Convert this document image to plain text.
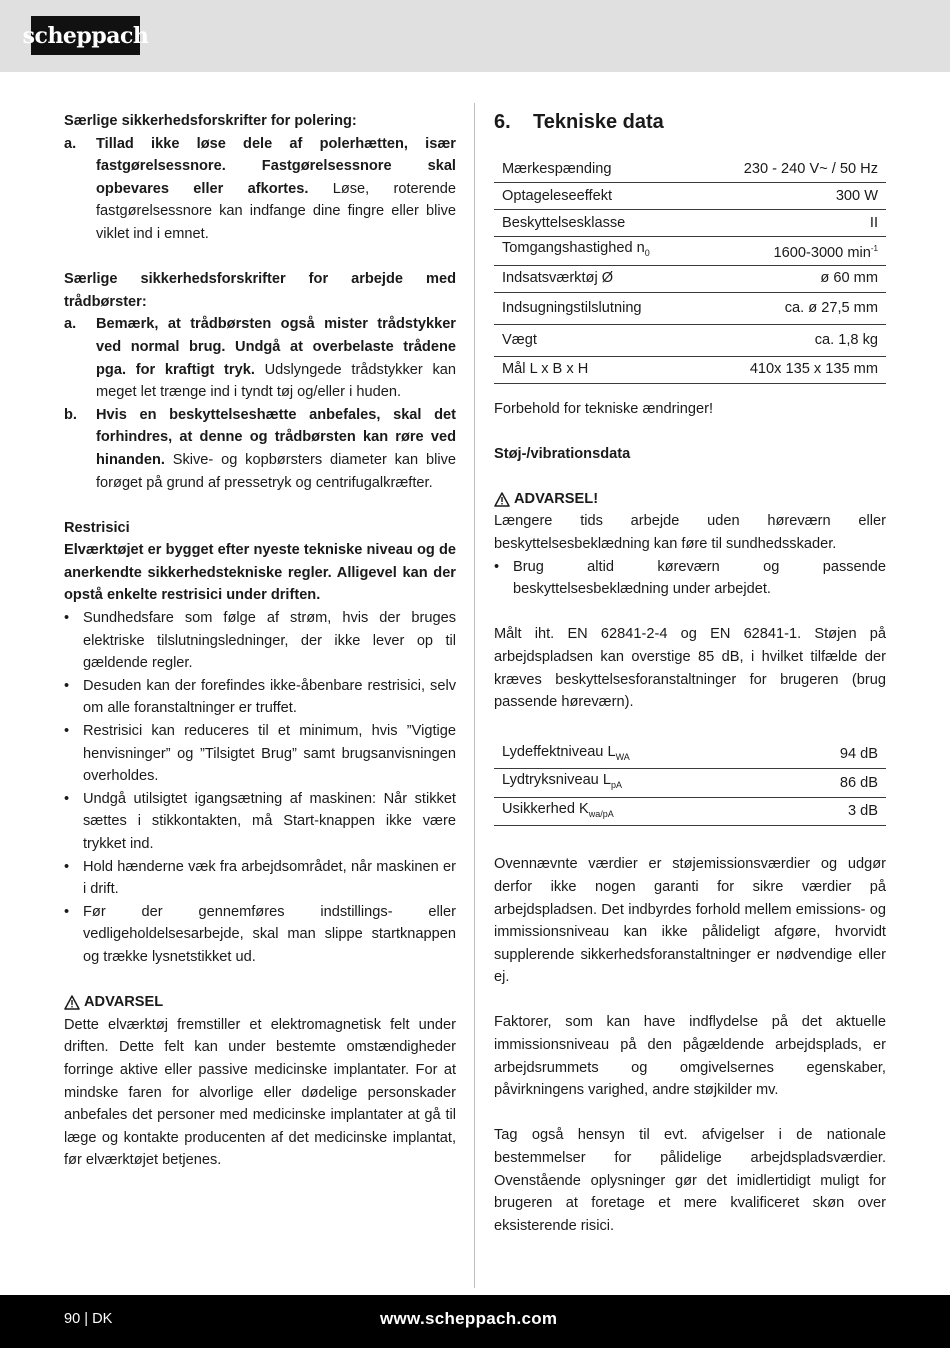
scheppach

Særlige sikkerhedsforskrifter for polering:

a.	Tillad ikke løse dele af polerhætten, især fastgørelsessnore. Fastgørelsessnore skal opbevares eller afkortes. Løse, roterende fastgørelsessnore kan indfange dine fingre eller blive viklet ind i emnet.

Særlige sikkerhedsforskrifter for arbejde med trådbørster:

a.	Bemærk, at trådbørsten også mister trådstykker ved normal brug. Undgå at overbelaste trådene pga. for kraftigt tryk. Udslyngede trådstykker kan meget let trænge ind i tyndt tøj og/eller i huden.
b.	Hvis en beskyttelseshætte anbefales, skal det forhindres, at denne og trådbørsten kan røre ved hinanden. Skive- og kopbørsters diameter kan blive forøget på grund af pressetryk og centrifugalkræfter.

Restrisici

Elværktøjet er bygget efter nyeste tekniske niveau og de anerkendte sikkerhedstekniske regler. Alligevel kan der opstå enkelte restrisici under driften.

• Sundhedsfare som følge af strøm, hvis der bruges elektriske tilslutningsledninger, der ikke lever op til gældende regler.
• Desuden kan der forefindes ikke-åbenbare restrisici, selv om alle foranstaltninger er truffet.
• Restrisici kan reduceres til et minimum, hvis ”Vigtige henvisninger” og ”Tilsigtet Brug” samt brugsanvisningen overholdes.
• Undgå utilsigtet igangsætning af maskinen: Når stikket sættes i stikkontakten, må Start-knappen ikke være trykket ind.
• Hold hænderne væk fra arbejdsområdet, når maskinen er i drift.
• Før der gennemføres indstillings- eller vedligeholdelsesarbejde, skal man slippe startknappen og trække lysnetstikket ud.

ADVARSEL

Dette elværktøj fremstiller et elektromagnetisk felt under driften. Dette felt kan under bestemte omstændigheder forringe aktive eller passive medicinske implantater. For at mindske faren for alvorlige eller dødelige personskader anbefales det personer med medicinske implantater at gå til læge og kontakte producenten af det medicinske implantat, før elværktøjet betjenes.

6. Tekniske data
Mærkespænding	230 - 240 V~ / 50 Hz
Optageleseeffekt	300 W
Beskyttelsesklasse	II
Tomgangshastighed $n_0$	1600-3000 $\min^{-1}$
Indsatsværktøj Ø	ø 60 mm
Indsugningstilslutning	ca. ø 27,5 mm
Vægt	ca. 1,8 kg
Mål L x B x H	410x 135 x 135 mm

Forbehold for tekniske ændringer!

Støj-/vibrationsdata

ADVARSEL!

Længere tids arbejde uden høreværn eller beskyttelsesbeklædning kan føre til sundhedsskader.

• Brug altid køreværn og passende beskyttelsesbeklædning under arbejdet.

Målt iht. EN 62841-2-4 og EN 62841-1. Støjen på arbejdspladsen kan overstige 85 dB, i hvilket tilfælde der kræves beskyttelsesforanstaltninger for brugeren (brug passende høreværn).

Lydeffektniveau $L_{WA}$	94 dB
Lydtryksniveau $L_{pA}$	86 dB
Usikkerhed $K_{wa/pA}$	3 dB

Ovennævnte værdier er støjemissionsværdier og udgør derfor ikke nogen garanti for sikre værdier på arbejdspladsen. Det indbyrdes forhold mellem emissions- og immissionsniveau kan ikke pålideligt afgøre, hvorvidt supplerende sikkerhedsforanstaltninger er nødvendige eller ej.

Faktorer, som kan have indflydelse på det aktuelle immissionsniveau på den pågældende arbejdsplads, er arbejdsrummets og omgivelsernes egenskaber, påvirkningens varighed, andre støjkilder mv.

Tag også hensyn til evt. afvigelser i de nationale bestemmelser for pålidelige arbejdspladsværdier. Ovenstående oplysninger gør det imidlertidigt muligt for brugeren at foretage et mere kvalificeret skøn over eksisterende risici.

90 | DK	www.scheppach.com
